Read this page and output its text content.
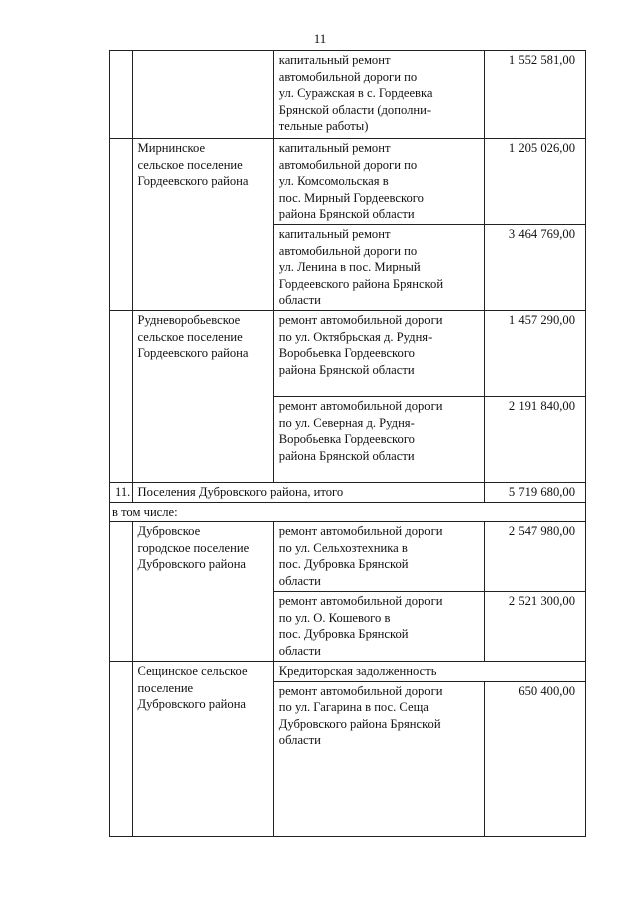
11

		капитальный ремонт
автомобильной дороги по
ул. Суражская в с. Гордеевка
Брянской области (дополни-
тельные работы)	1 552 581,00

	Мирнинское
сельское поселение
Гордеевского района	капитальный ремонт
автомобильной дороги по
ул. Комсомольская в
пос. Мирный Гордеевского
района Брянской области	1 205 026,00

		капитальный ремонт
автомобильной дороги по
ул. Ленина в пос. Мирный
Гордеевского района Брянской
области	3 464 769,00

	Рудневоробьевское
сельское поселение
Гордеевского района	ремонт автомобильной дороги
по ул. Октябрьская д. Рудня-
Воробьевка Гордеевского
района Брянской области	1 457 290,00

		ремонт автомобильной дороги
по ул. Северная д. Рудня-
Воробьевка Гордеевского
района Брянской области	2 191 840,00
11.	Поселения Дубровского района, итого		5 719 680,00
в том числе:			

	Дубровское
городское поселение
Дубровского района	ремонт автомобильной дороги
по ул. Сельхозтехника в
пос. Дубровка Брянской
области	2 547 980,00

		ремонт автомобильной дороги
по ул. О. Кошевого в
пос. Дубровка Брянской
области	2 521 300,00

	Сещинское сельское
поселение
Дубровского района	Кредиторская задолженность	

		ремонт автомобильной дороги
по ул. Гагарина в пос. Сеща
Дубровского района Брянской
области	650 400,00
